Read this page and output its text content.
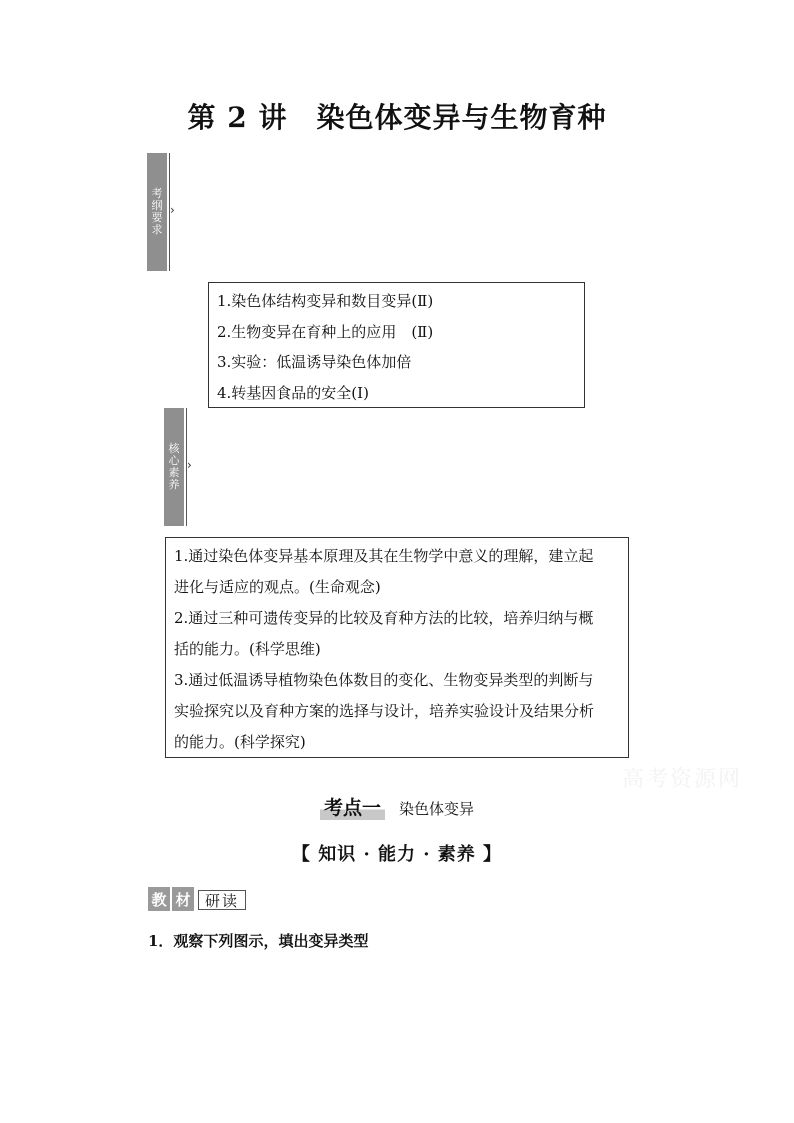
第 2 讲　染色体变异与生物育种
考
纲
要
求
›

1.染色体结构变异和数目变异(Ⅱ)

2.生物变异在育种上的应用　(Ⅱ)

3.实验：低温诱导染色体加倍

4.转基因食品的安全(Ⅰ)

核
心
素
养
›

1.通过染色体变异基本原理及其在生物学中意义的理解，建立起

进化与适应的观点。(生命观念)

2.通过三种可遗传变异的比较及育种方法的比较，培养归纳与概

括的能力。(科学思维)

3.通过低温诱导植物染色体数目的变化、生物变异类型的判断与

实验探究以及育种方案的选择与设计，培养实验设计及结果分析

的能力。(科学探究)

高考资源网
考点一 染色体变异
【 知识 · 能力 · 素养 】
教 材 研读
1．观察下列图示，填出变异类型
